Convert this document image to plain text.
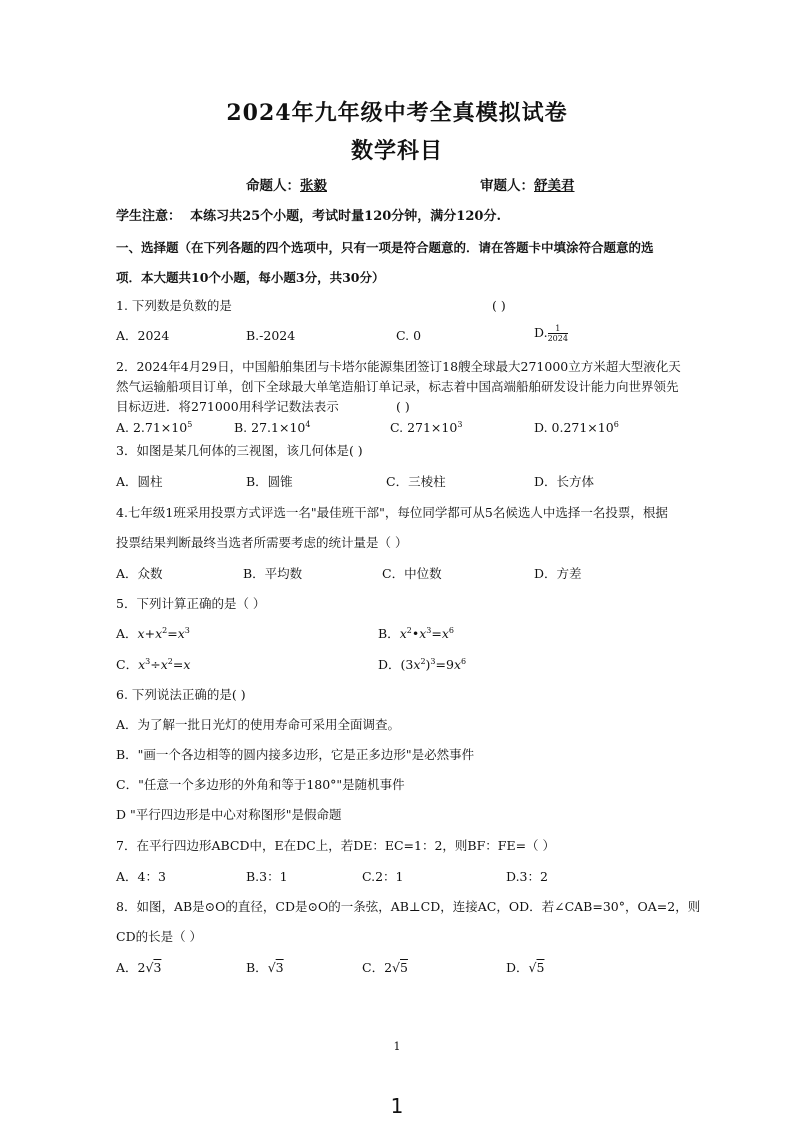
2024年九年级中考全真模拟试卷
数学科目
命题人：张毅	审题人：舒美君
学生注意： 本练习共25个小题，考试时量120分钟，满分120分.
一、选择题（在下列各题的四个选项中，只有一项是符合题意的．请在答题卡中填涂符合题意的选
项．本大题共10个小题，每小题3分，共30分）
1. 下列数是负数的是	( )
A．2024	B.-2024	C. 0	D. $\frac{1}{2024}$
2．2024年4月29日，中国船舶集团与卡塔尔能源集团签订18艘全球最大271000立方米超大型液化天
然气运输船项目订单，创下全球最大单笔造船订单记录，标志着中国高端船舶研发设计能力向世界领先
目标迈进．将271000用科学记数法表示	( )
A. $2.71\times 10^5$	B. $27.1\times 10^4$	C. $271\times 10^3$	D. $0.271\times 10^6$
3．如图是某几何体的三视图，该几何体是( )
A．圆柱	B．圆锥	C．三棱柱	D．长方体
4.七年级1班采用投票方式评选一名"最佳班干部"，每位同学都可从5名候选人中选择一名投票，根据
投票结果判断最终当选者所需要考虑的统计量是（ ）
A．众数	B．平均数	C．中位数	D．方差
5．下列计算正确的是（ ）
A．$x+x^2=x^3$	B．$x^2•x^3=x^6$
C．$x^3\div x^2=x$	D．$(3x^2)^3=9x^6$
6. 下列说法正确的是( )
A．为了解一批日光灯的使用寿命可采用全面调查。
B．"画一个各边相等的圆内接多边形，它是正多边形"是必然事件
C．"任意一个多边形的外角和等于180°"是随机事件
D "平行四边形是中心对称图形"是假命题
7．在平行四边形ABCD中，E在DC上，若DE：EC=1：2，则BF：FE=（ ）
A．4：3	B.3：1	C.2：1	D.3：2
8．如图，AB是⊙O的直径，CD是⊙O的一条弦，AB⊥CD，连接AC，OD．若∠CAB=30°，OA=2，则
CD的长是（ ）
A．2√3	B．√3	C．2√5	D．√5
1
1
